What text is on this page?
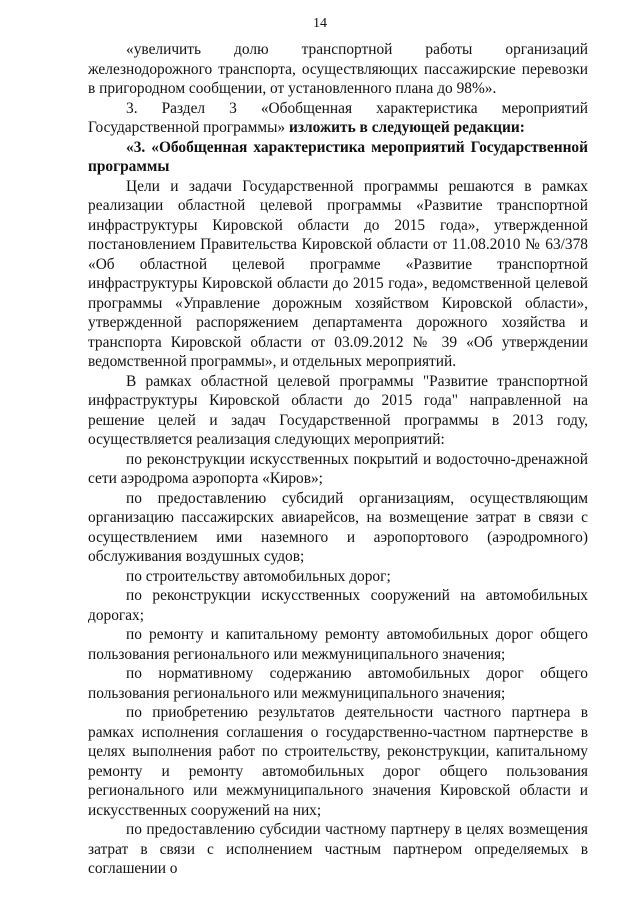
14

«увеличить долю транспортной работы организаций железнодорожного транспорта, осуществляющих пассажирские перевозки в пригородном сообщении, от установленного плана до 98%».

3. Раздел 3 «Обобщенная характеристика мероприятий Государственной программы» изложить в следующей редакции:

«3. «Обобщенная характеристика мероприятий Государственной программы

Цели и задачи Государственной программы решаются в рамках реализации областной целевой программы «Развитие транспортной инфраструктуры Кировской области до 2015 года», утвержденной постановлением Правительства Кировской области от 11.08.2010 № 63/378 «Об областной целевой программе «Развитие транспортной инфраструктуры Кировской области до 2015 года», ведомственной целевой программы «Управление дорожным хозяйством Кировской области», утвержденной распоряжением департамента дорожного хозяйства и транспорта Кировской области от 03.09.2012 № 39 «Об утверждении ведомственной программы», и отдельных мероприятий.

В рамках областной целевой программы "Развитие транспортной инфраструктуры Кировской области до 2015 года" направленной на решение целей и задач Государственной программы в 2013 году, осуществляется реализация следующих мероприятий:

по реконструкции искусственных покрытий и водосточно-дренажной сети аэродрома аэропорта «Киров»;

по предоставлению субсидий организациям, осуществляющим организацию пассажирских авиарейсов, на возмещение затрат в связи с осуществлением ими наземного и аэропортового (аэродромного) обслуживания воздушных судов;

по строительству автомобильных дорог;

по реконструкции искусственных сооружений на автомобильных дорогах;

по ремонту и капитальному ремонту автомобильных дорог общего пользования регионального или межмуниципального значения;

по нормативному содержанию автомобильных дорог общего пользования регионального или межмуниципального значения;

по приобретению результатов деятельности частного партнера в рамках исполнения соглашения о государственно-частном партнерстве в целях выполнения работ по строительству, реконструкции, капитальному ремонту и ремонту автомобильных дорог общего пользования регионального или межмуниципального значения Кировской области и искусственных сооружений на них;

по предоставлению субсидии частному партнеру в целях возмещения затрат в связи с исполнением частным партнером определяемых в соглашении о
